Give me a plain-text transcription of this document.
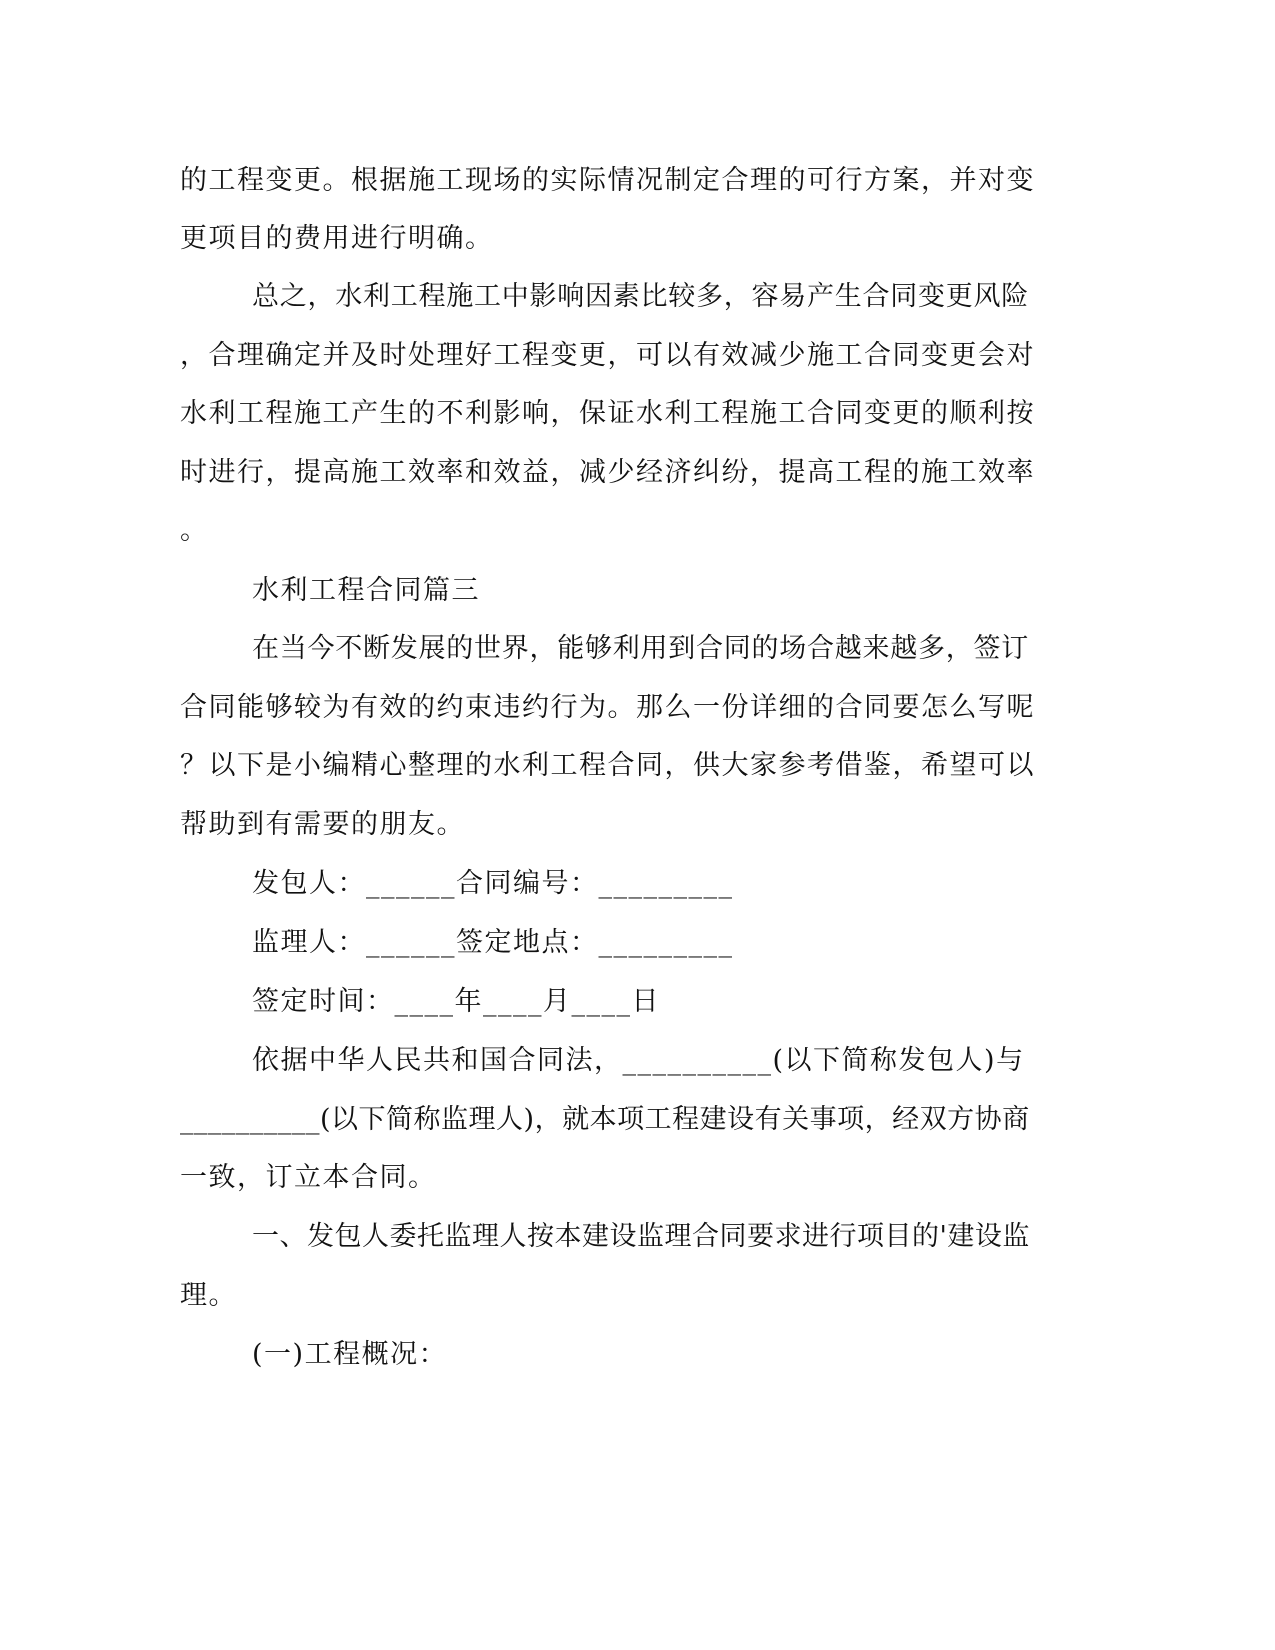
的工程变更。根据施工现场的实际情况制定合理的可行方案，并对变

更项目的费用进行明确。

总之，水利工程施工中影响因素比较多，容易产生合同变更风险

，合理确定并及时处理好工程变更，可以有效减少施工合同变更会对

水利工程施工产生的不利影响，保证水利工程施工合同变更的顺利按

时进行，提高施工效率和效益，减少经济纠纷，提高工程的施工效率

。

水利工程合同篇三

在当今不断发展的世界，能够利用到合同的场合越来越多，签订

合同能够较为有效的约束违约行为。那么一份详细的合同要怎么写呢

？以下是小编精心整理的水利工程合同，供大家参考借鉴，希望可以

帮助到有需要的朋友。

发包人：______合同编号：_________

监理人：______签定地点：_________

签定时间：____年____月____日

依据中华人民共和国合同法，__________(以下简称发包人)与

__________(以下简称监理人)，就本项工程建设有关事项，经双方协商

一致，订立本合同。

一、发包人委托监理人按本建设监理合同要求进行项目的'建设监

理。

(一)工程概况：
